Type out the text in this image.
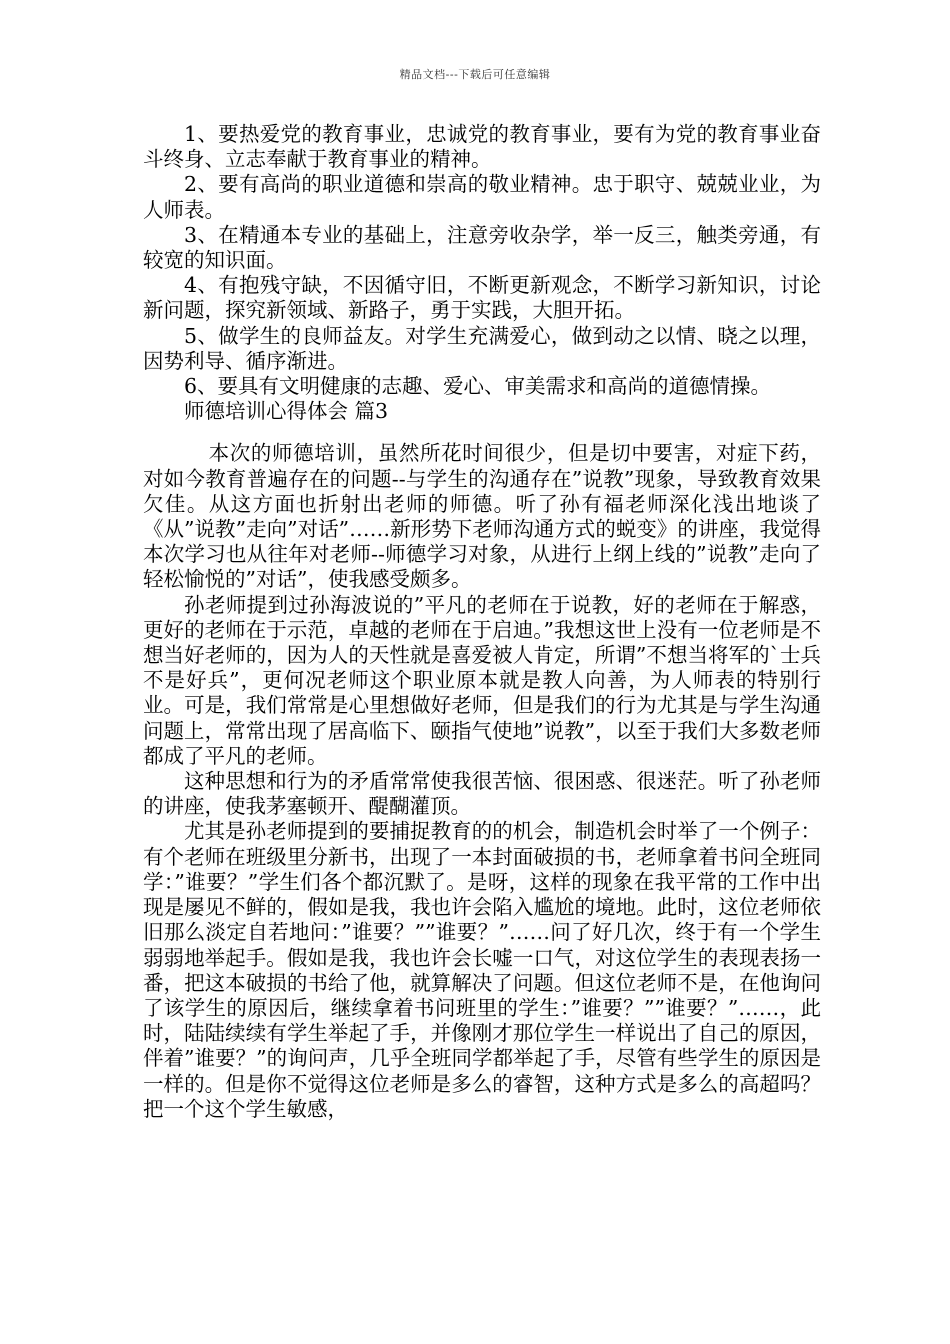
精品文档---下载后可任意编辑

1、要热爱党的教育事业，忠诚党的教育事业，要有为党的教育事业奋斗终身、立志奉献于教育事业的精神。

2、要有高尚的职业道德和崇高的敬业精神。忠于职守、兢兢业业，为人师表。

3、在精通本专业的基础上，注意旁收杂学，举一反三，触类旁通，有较宽的知识面。

4、有抱残守缺，不因循守旧，不断更新观念，不断学习新知识，讨论新问题，探究新领域、新路子，勇于实践，大胆开拓。

5、做学生的良师益友。对学生充满爱心，做到动之以情、晓之以理，因势利导、循序渐进。

6、要具有文明健康的志趣、爱心、审美需求和高尚的道德情操。

师德培训心得体会 篇3

本次的师德培训，虽然所花时间很少，但是切中要害，对症下药，对如今教育普遍存在的问题--与学生的沟通存在”说教”现象，导致教育效果欠佳。从这方面也折射出老师的师德。听了孙有福老师深化浅出地谈了《从”说教”走向”对话”……新形势下老师沟通方式的蜕变》的讲座，我觉得本次学习也从往年对老师--师德学习对象，从进行上纲上线的”说教”走向了轻松愉悦的”对话”，使我感受颇多。

孙老师提到过孙海波说的”平凡的老师在于说教，好的老师在于解惑，更好的老师在于示范，卓越的老师在于启迪。”我想这世上没有一位老师是不想当好老师的，因为人的天性就是喜爱被人肯定，所谓”不想当将军的`士兵不是好兵”，更何况老师这个职业原本就是教人向善，为人师表的特别行业。可是，我们常常是心里想做好老师，但是我们的行为尤其是与学生沟通问题上，常常出现了居高临下、颐指气使地”说教”，以至于我们大多数老师都成了平凡的老师。

这种思想和行为的矛盾常常使我很苦恼、很困惑、很迷茫。听了孙老师的讲座，使我茅塞顿开、醍醐灌顶。

尤其是孙老师提到的要捕捉教育的的机会，制造机会时举了一个例子：有个老师在班级里分新书，出现了一本封面破损的书，老师拿着书问全班同学：”谁要？”学生们各个都沉默了。是呀，这样的现象在我平常的工作中出现是屡见不鲜的，假如是我，我也许会陷入尴尬的境地。此时，这位老师依旧那么淡定自若地问：”谁要？””谁要？”……问了好几次，终于有一个学生弱弱地举起手。假如是我，我也许会长嘘一口气，对这位学生的表现表扬一番，把这本破损的书给了他，就算解决了问题。但这位老师不是，在他询问了该学生的原因后，继续拿着书问班里的学生：”谁要？””谁要？”……，此时，陆陆续续有学生举起了手，并像刚才那位学生一样说出了自己的原因，伴着”谁要？”的询问声，几乎全班同学都举起了手，尽管有些学生的原因是一样的。但是你不觉得这位老师是多么的睿智，这种方式是多么的高超吗？把一个这个学生敏感，
